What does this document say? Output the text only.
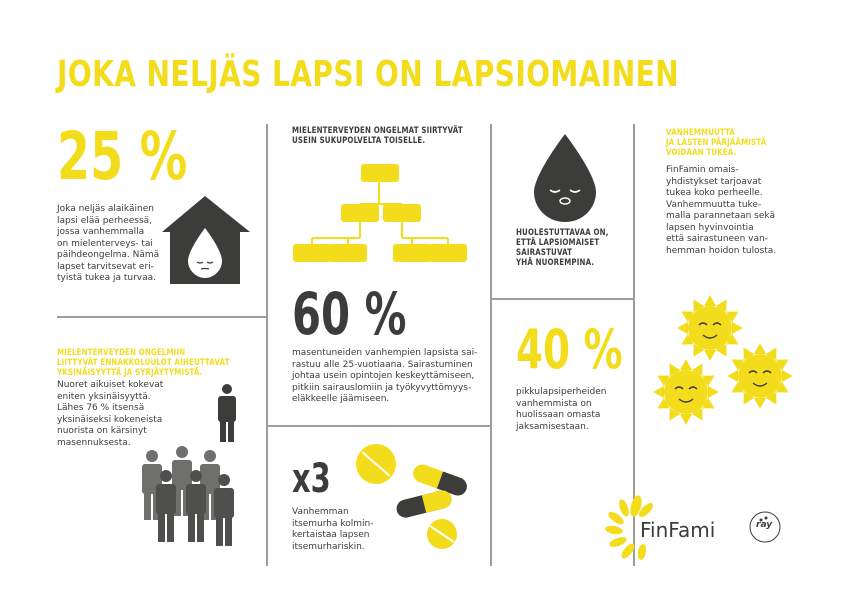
JOKA NELJÄS LAPSI ON LAPSIOMAINEN
25 %
Joka neljäs alaikäinen
lapsi elää perheessä,
jossa vanhemmalla
on mielenterveys- tai
päihdeongelma. Nämä
lapset tarvitsevat eri-
tyistä tukea ja turvaa.
MIELENTERVEYDEN ONGELMIIN
LIITTYVÄT ENNAKKOLUULOT AIHEUTTAVAT
YKSINÄISYYTTÄ JA SYRJÄYTYMISTÄ.
Nuoret aikuiset kokevat
eniten yksinäisyyttä.
Lähes 76 % itsensä
yksinäiseksi kokeneista
nuorista on kärsinyt
masennuksesta.
MIELENTERVEYDEN ONGELMAT SIIRTYVÄT
USEIN SUKUPOLVELTA TOISELLE.
60 %
masentuneiden vanhempien lapsista sai-
rastuu alle 25-vuotiaana. Sairastuminen
johtaa usein opintojen keskeyttämiseen,
pitkiin sairauslomiin ja työkyvyttömyys-
eläkkeelle jäämiseen.
x3
Vanhemman
itsemurha kolmin-
kertaistaa lapsen
itsemurhariskin.
HUOLESTUTTAVAA ON,
ETTÄ LAPSIOMAISET
SAIRASTUVAT
YHÄ NUOREMPINA.
40 %
pikkulapsiperheiden
vanhemmista on
huolissaan omasta
jaksamisestaan.
VANHEMMUUTTA
JA LASTEN PÄRJÄÄMISTÄ
VOIDAAN TUKEA.
FinFamin omais-
yhdistykset tarjoavat
tukea koko perheelle.
Vanhemmuutta tuke-
malla parannetaan sekä
lapsen hyvinvointia
että sairastuneen van-
hemman hoidon tulosta.
FinFami	ray
